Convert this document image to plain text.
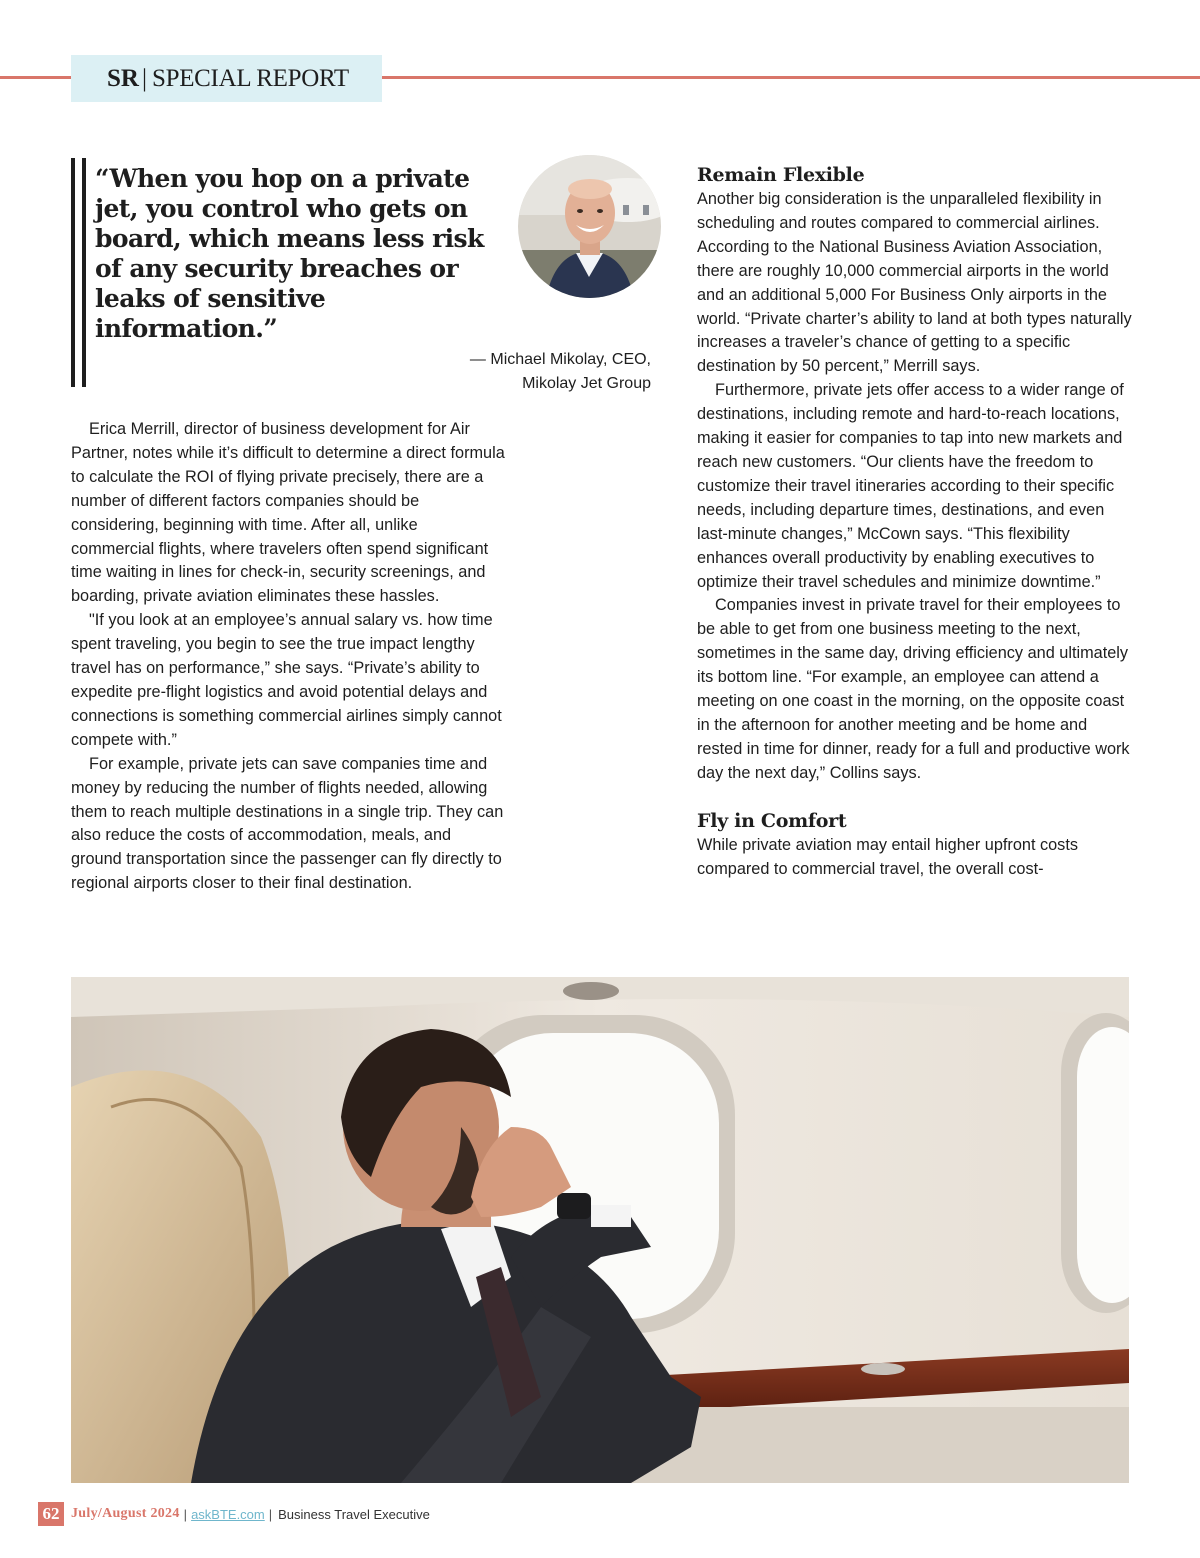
SR | SPECIAL REPORT
“When you hop on a private jet, you control who gets on board, which means less risk of any security breaches or leaks of sensitive information.”
— Michael Mikolay, CEO,
Mikolay Jet Group

Erica Merrill, director of business development for Air Partner, notes while it’s difficult to determine a direct formula to calculate the ROI of flying private precisely, there are a number of different factors companies should be considering, beginning with time. After all, unlike commercial flights, where travelers often spend significant time waiting in lines for check-in, security screenings, and boarding, private aviation eliminates these hassles.

"If you look at an employee’s annual salary vs. how time spent traveling, you begin to see the true impact lengthy travel has on performance,” she says. “Private’s ability to expedite pre-flight logistics and avoid potential delays and connections is something commercial airlines simply cannot compete with.”

For example, private jets can save companies time and money by reducing the number of flights needed, allowing them to reach multiple destinations in a single trip. They can also reduce the costs of accommodation, meals, and ground transportation since the passenger can fly directly to regional airports closer to their final destination.

Remain Flexible

Another big consideration is the unparalleled flexibility in scheduling and routes compared to commercial airlines. According to the National Business Aviation Association, there are roughly 10,000 commercial airports in the world and an additional 5,000 For Business Only airports in the world. “Private charter’s ability to land at both types naturally increases a traveler’s chance of getting to a specific destination by 50 percent,” Merrill says.

Furthermore, private jets offer access to a wider range of destinations, including remote and hard-to-reach locations, making it easier for companies to tap into new markets and reach new customers. “Our clients have the freedom to customize their travel itineraries according to their specific needs, including departure times, destinations, and even last-minute changes,” McCown says. “This flexibility enhances overall productivity by enabling executives to optimize their travel schedules and minimize downtime.”

Companies invest in private travel for their employees to be able to get from one business meeting to the next, sometimes in the same day, driving efficiency and ultimately its bottom line. “For example, an employee can attend a meeting on one coast in the morning, on the opposite coast in the afternoon for another meeting and be home and rested in time for dinner, ready for a full and productive work day the next day,” Collins says.

Fly in Comfort

While private aviation may entail higher upfront costs compared to commercial travel, the overall cost-

62 July/August 2024 | askBTE.com | Business Travel Executive
